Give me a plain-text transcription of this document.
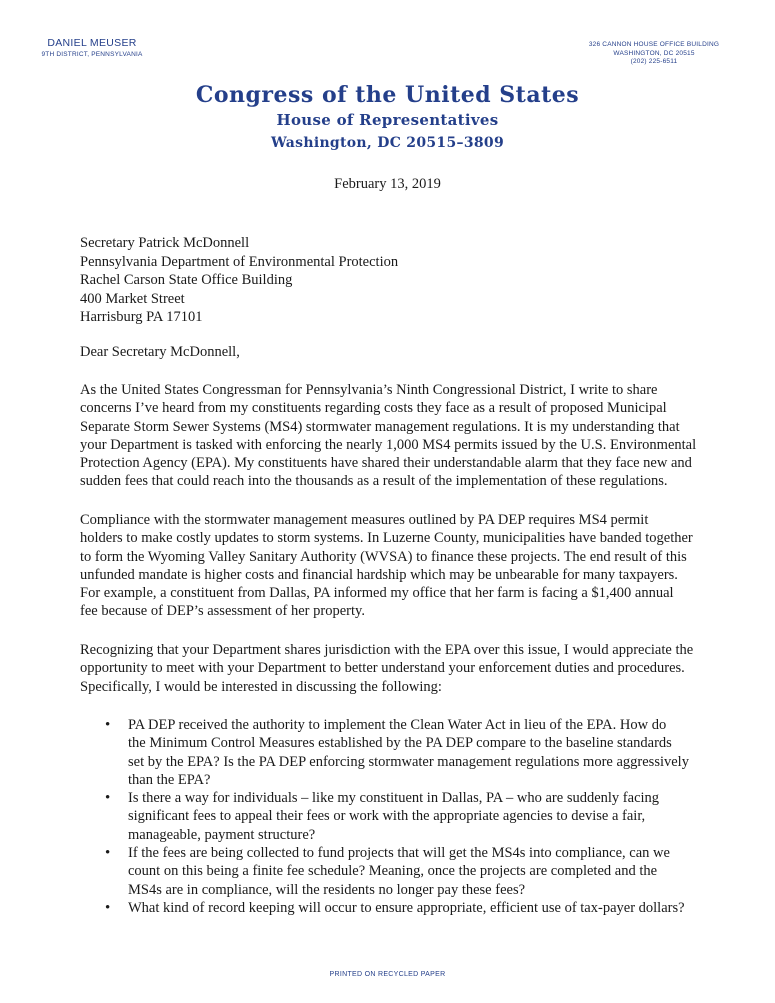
DANIEL MEUSER
9TH DISTRICT, PENNSYLVANIA
326 CANNON HOUSE OFFICE BUILDING
WASHINGTON, DC 20515
(202) 225-6511
Congress of the United States
House of Representatives
Washington, DC 20515–3809
February 13, 2019
Secretary Patrick McDonnell
Pennsylvania Department of Environmental Protection
Rachel Carson State Office Building
400 Market Street
Harrisburg PA 17101
Dear Secretary McDonnell,
As the United States Congressman for Pennsylvania’s Ninth Congressional District, I write to share
concerns I’ve heard from my constituents regarding costs they face as a result of proposed Municipal
Separate Storm Sewer Systems (MS4) stormwater management regulations. It is my understanding that
your Department is tasked with enforcing the nearly 1,000 MS4 permits issued by the U.S. Environmental
Protection Agency (EPA). My constituents have shared their understandable alarm that they face new and
sudden fees that could reach into the thousands as a result of the implementation of these regulations.
Compliance with the stormwater management measures outlined by PA DEP requires MS4 permit
holders to make costly updates to storm systems. In Luzerne County, municipalities have banded together
to form the Wyoming Valley Sanitary Authority (WVSA) to finance these projects. The end result of this
unfunded mandate is higher costs and financial hardship which may be unbearable for many taxpayers.
For example, a constituent from Dallas, PA informed my office that her farm is facing a $1,400 annual
fee because of DEP’s assessment of her property.
Recognizing that your Department shares jurisdiction with the EPA over this issue, I would appreciate the
opportunity to meet with your Department to better understand your enforcement duties and procedures.
Specifically, I would be interested in discussing the following:
• PA DEP received the authority to implement the Clean Water Act in lieu of the EPA. How do
the Minimum Control Measures established by the PA DEP compare to the baseline standards
set by the EPA? Is the PA DEP enforcing stormwater management regulations more aggressively
than the EPA?
• Is there a way for individuals – like my constituent in Dallas, PA – who are suddenly facing
significant fees to appeal their fees or work with the appropriate agencies to devise a fair,
manageable, payment structure?
• If the fees are being collected to fund projects that will get the MS4s into compliance, can we
count on this being a finite fee schedule? Meaning, once the projects are completed and the
MS4s are in compliance, will the residents no longer pay these fees?
• What kind of record keeping will occur to ensure appropriate, efficient use of tax-payer dollars?
PRINTED ON RECYCLED PAPER
